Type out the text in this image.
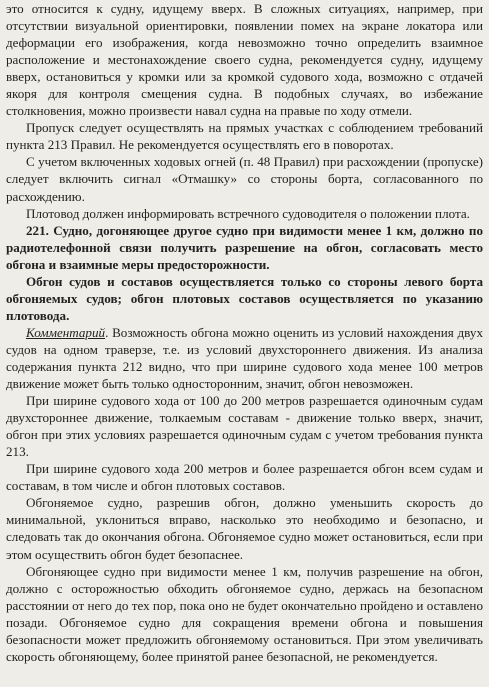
это относится к судну, идущему вверх. В сложных ситуациях, например, при отсутствии визуальной ориентировки, появлении помех на экране локатора или деформации его изображения, когда невозможно точно определить взаимное расположение и местонахождение своего судна, рекомендуется судну, идущему вверх, остановиться у кромки или за кромкой судового хода, возможно с отдачей якоря для контроля смещения судна. В подобных случаях, во избежание столкновения, можно произвести навал судна на правые по ходу отмели.

Пропуск следует осуществлять на прямых участках с соблюдением требований пункта 213 Правил. Не рекомендуется осуществлять его в поворотах.

С учетом включенных ходовых огней (п. 48 Правил) при расхождении (пропуске) следует включить сигнал «Отмашку» со стороны борта, согласованного по расхождению.

Плотовод должен информировать встречного судоводителя о положении плота.

221. Судно, догоняющее другое судно при видимости менее 1 км, должно по радиотелефонной связи получить разрешение на обгон, согласовать место обгона и взаимные меры предосторожности.

Обгон судов и составов осуществляется только со стороны левого борта обгоняемых судов; обгон плотовых составов осуществляется по указанию плотовода.

Комментарий. Возможность обгона можно оценить из условий нахождения двух судов на одном траверзе, т.е. из условий двухстороннего движения. Из анализа содержания пункта 212 видно, что при ширине судового хода менее 100 метров движение может быть только односторонним, значит, обгон невозможен.

При ширине судового хода от 100 до 200 метров разрешается одиночным судам двухстороннее движение, толкаемым составам - движение только вверх, значит, обгон при этих условиях разрешается одиночным судам с учетом требования пункта 213.

При ширине судового хода 200 метров и более разрешается обгон всем судам и составам, в том числе и обгон плотовых составов.

Обгоняемое судно, разрешив обгон, должно уменьшить скорость до минимальной, уклониться вправо, насколько это необходимо и безопасно, и следовать так до окончания обгона. Обгоняемое судно может остановиться, если при этом осуществить обгон будет безопаснее.

Обгоняющее судно при видимости менее 1 км, получив разрешение на обгон, должно с осторожностью обходить обгоняемое судно, держась на безопасном расстоянии от него до тех пор, пока оно не будет окончательно пройдено и оставлено позади. Обгоняемое судно для сокращения времени обгона и повышения безопасности может предложить обгоняемому остановиться. При этом увеличивать скорость обгоняющему, более принятой ранее безопасной, не рекомендуется.
